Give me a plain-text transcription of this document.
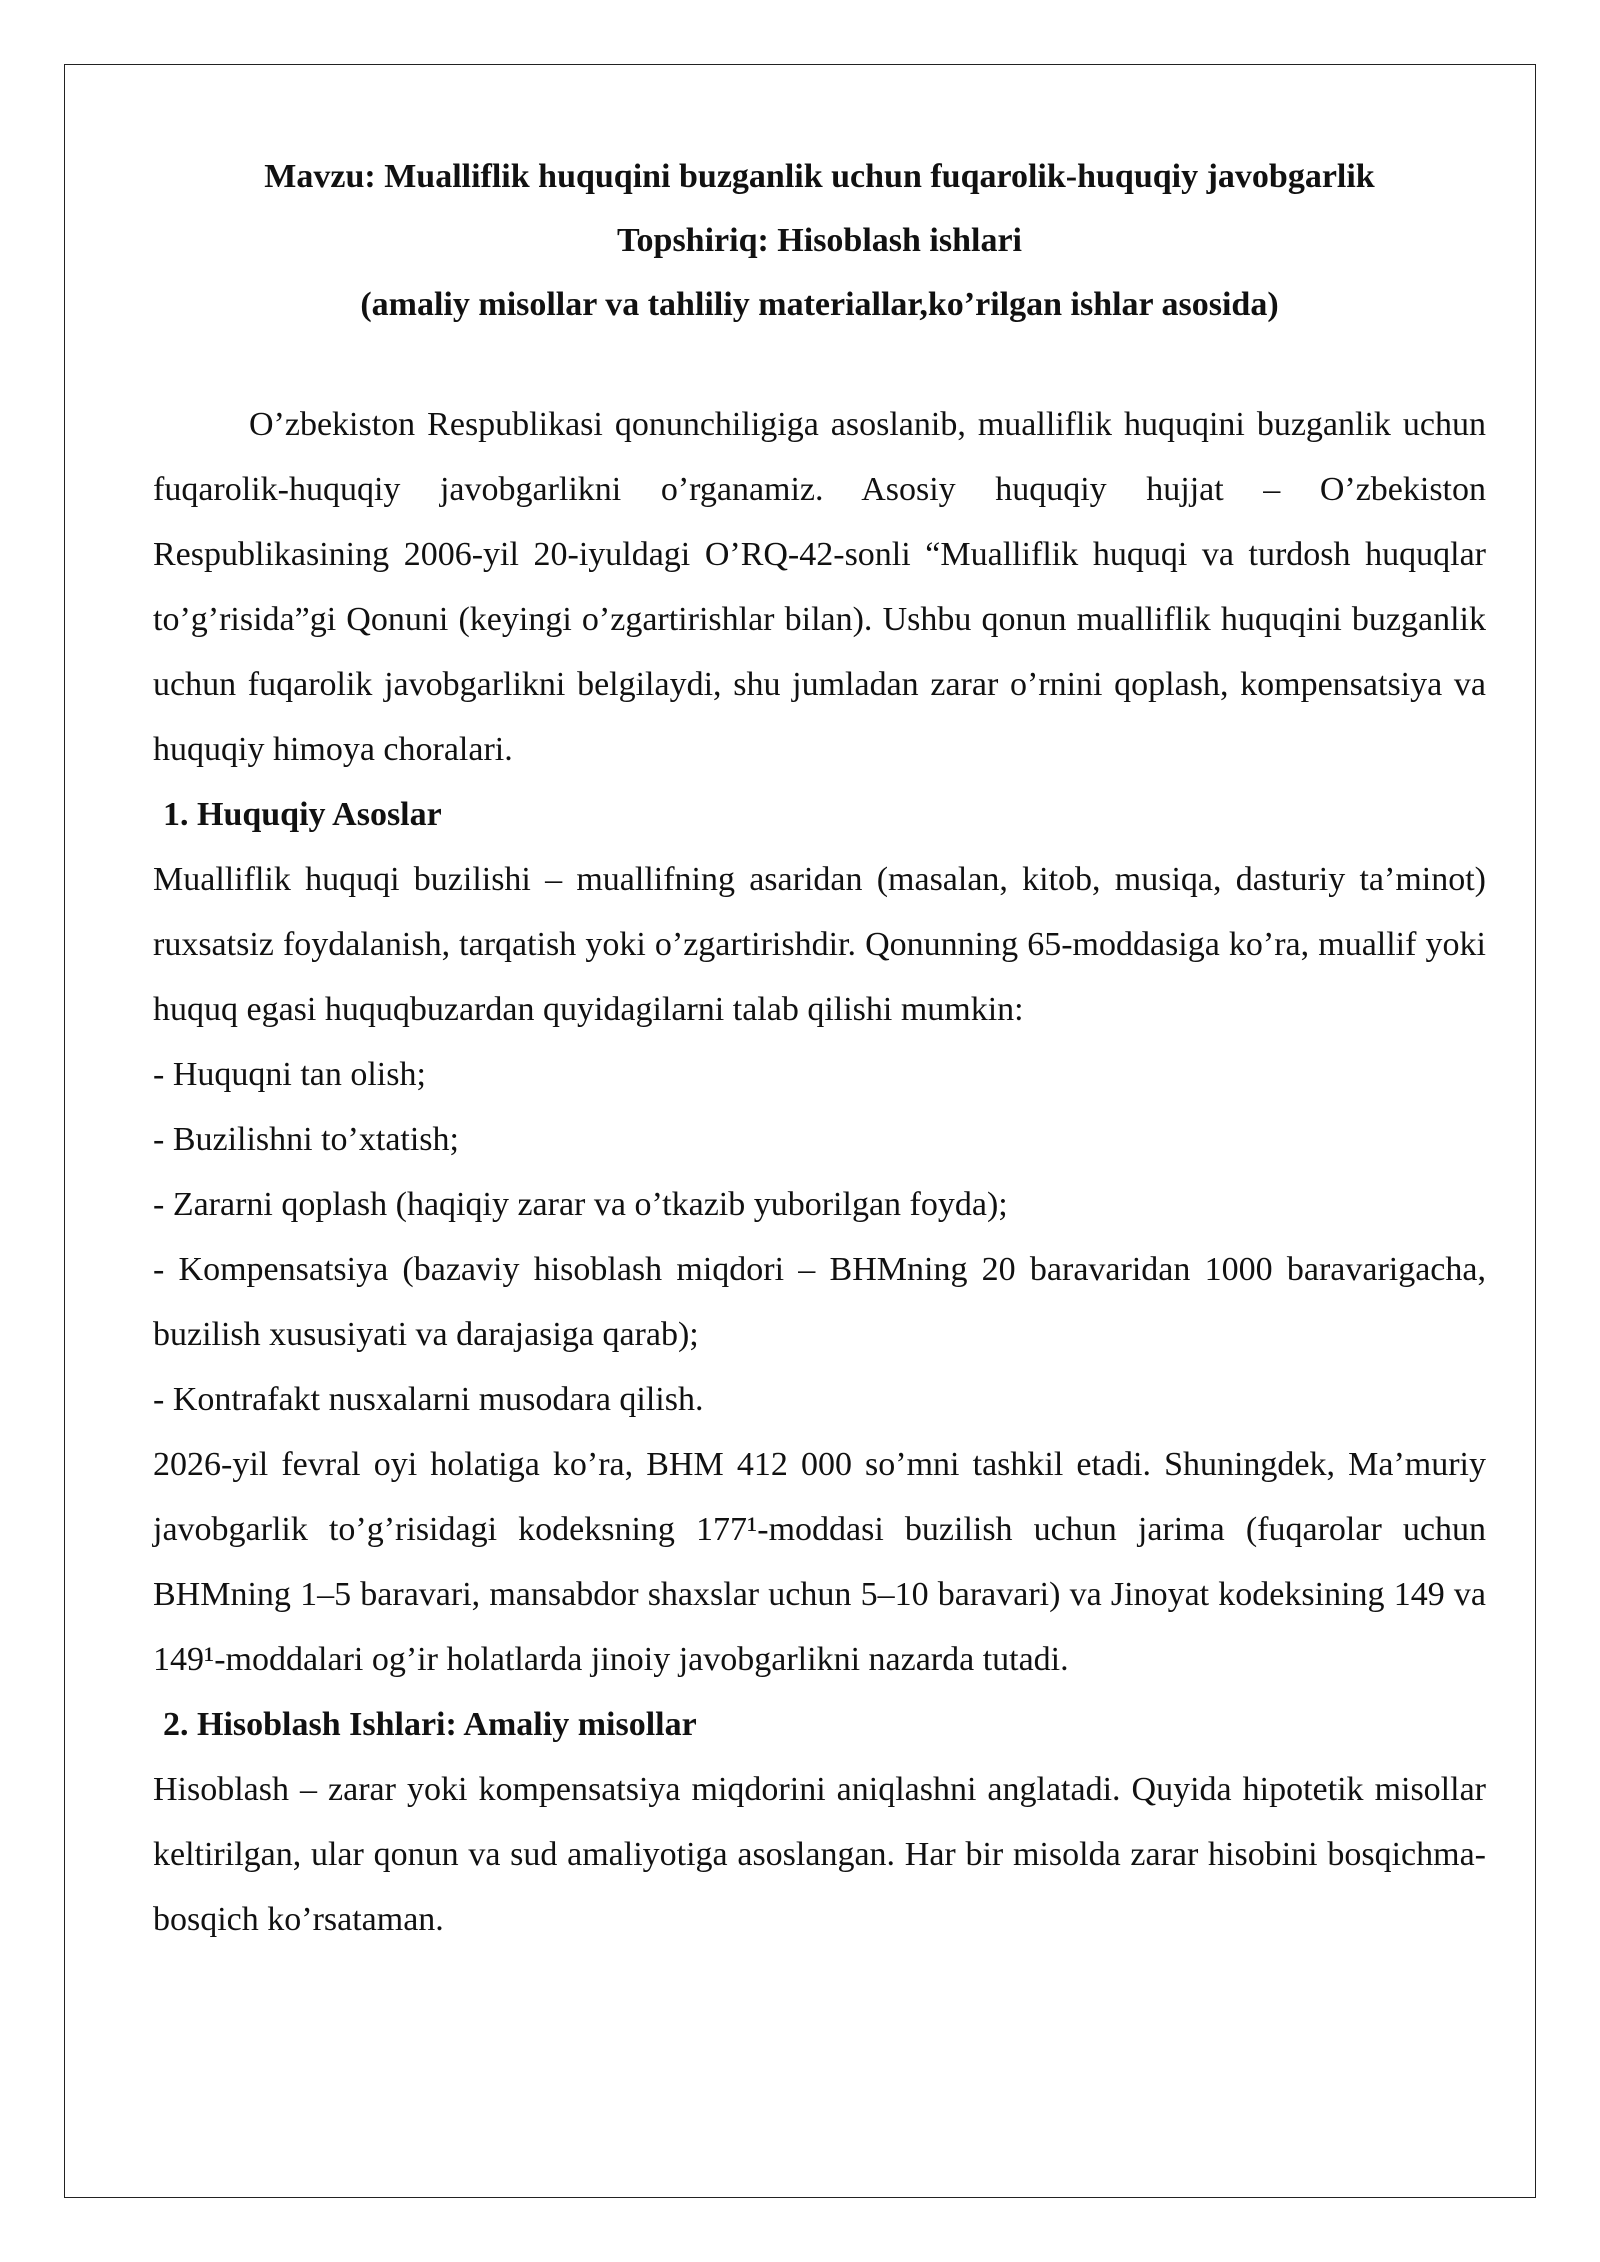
Mavzu: Mualliflik huquqini buzganlik uchun fuqarolik-huquqiy javobgarlik

Topshiriq: Hisoblash ishlari

(amaliy misollar va tahliliy materiallar,ko’rilgan ishlar asosida)

O’zbekiston Respublikasi qonunchiligiga asoslanib, mualliflik huquqini buzganlik uchun fuqarolik-huquqiy javobgarlikni o’rganamiz. Asosiy huquqiy hujjat – O’zbekiston Respublikasining 2006-yil 20-iyuldagi O’RQ-42-sonli “Mualliflik huquqi va turdosh huquqlar to’g’risida”gi Qonuni (keyingi o’zgartirishlar bilan). Ushbu qonun mualliflik huquqini buzganlik uchun fuqarolik javobgarlikni belgilaydi, shu jumladan zarar o’rnini qoplash, kompensatsiya va huquqiy himoya choralari.

1. Huquqiy Asoslar

Mualliflik huquqi buzilishi – muallifning asaridan (masalan, kitob, musiqa, dasturiy ta’minot) ruxsatsiz foydalanish, tarqatish yoki o’zgartirishdir. Qonunning 65-moddasiga ko’ra, muallif yoki huquq egasi huquqbuzardan quyidagilarni talab qilishi mumkin:

- Huquqni tan olish;

- Buzilishni to’xtatish;

- Zararni qoplash (haqiqiy zarar va o’tkazib yuborilgan foyda);

- Kompensatsiya (bazaviy hisoblash miqdori – BHMning 20 baravaridan 1000 baravarigacha, buzilish xususiyati va darajasiga qarab);

- Kontrafakt nusxalarni musodara qilish.

2026-yil fevral oyi holatiga ko’ra, BHM 412 000 so’mni tashkil etadi. Shuningdek, Ma’muriy javobgarlik to’g’risidagi kodeksning 177¹-moddasi buzilish uchun jarima (fuqarolar uchun BHMning 1–5 baravari, mansabdor shaxslar uchun 5–10 baravari) va Jinoyat kodeksining 149 va 149¹-moddalari og’ir holatlarda jinoiy javobgarlikni nazarda tutadi.

2. Hisoblash Ishlari: Amaliy misollar

Hisoblash – zarar yoki kompensatsiya miqdorini aniqlashni anglatadi. Quyida hipotetik misollar keltirilgan, ular qonun va sud amaliyotiga asoslangan. Har bir misolda zarar hisobini bosqichma-bosqich ko’rsataman.
